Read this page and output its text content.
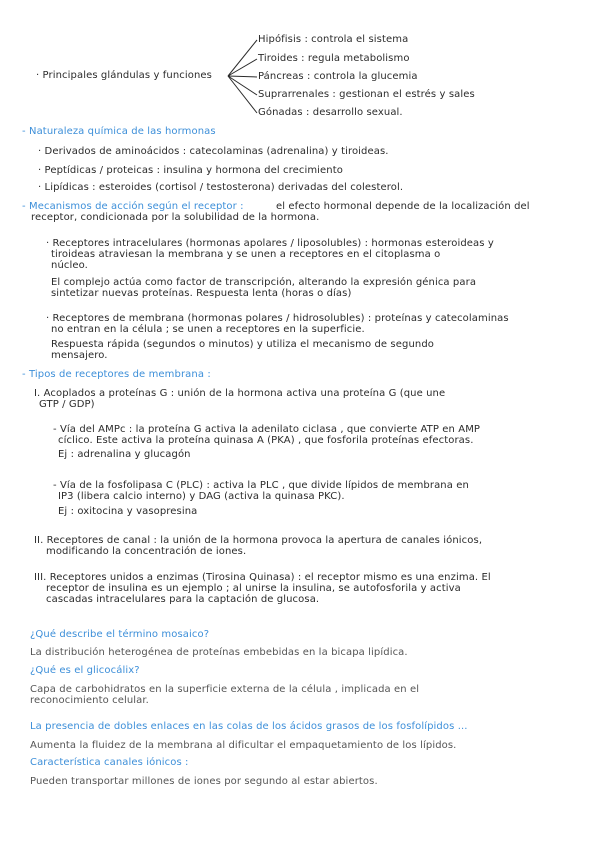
· Principales glándulas y funciones
Hipófisis : controla el sistema
Tiroides : regula metabolismo
Páncreas : controla la glucemia
Suprarrenales : gestionan el estrés y sales
Gónadas : desarrollo sexual.
- Naturaleza química de las hormonas
· Derivados de aminoácidos : catecolaminas (adrenalina) y tiroideas.
· Peptídicas / proteicas : insulina y hormona del crecimiento
· Lipídicas : esteroides (cortisol / testosterona) derivadas del colesterol.
- Mecanismos de acción según el receptor :	el efecto hormonal depende de la localización del
receptor, condicionada por la solubilidad de la hormona.
· Receptores intracelulares (hormonas apolares / liposolubles) : hormonas esteroideas y
tiroideas atraviesan la membrana y se unen a receptores en el citoplasma o
núcleo.
El complejo actúa como factor de transcripción, alterando la expresión génica para
sintetizar nuevas proteínas. Respuesta lenta (horas o días)
· Receptores de membrana (hormonas polares / hidrosolubles) : proteínas y catecolaminas
no entran en la célula ; se unen a receptores en la superficie.
Respuesta rápida (segundos o minutos) y utiliza el mecanismo de segundo
mensajero.
- Tipos de receptores de membrana :
I. Acoplados a proteínas G : unión de la hormona activa una proteína G (que une
GTP / GDP)
- Vía del AMPc : la proteína G activa la adenilato ciclasa , que convierte ATP en AMP
cíclico. Este activa la proteína quinasa A (PKA) , que fosforila proteínas efectoras.
Ej : adrenalina y glucagón
- Vía de la fosfolipasa C (PLC) : activa la PLC , que divide lípidos de membrana en
IP3 (libera calcio interno) y DAG (activa la quinasa PKC).
Ej : oxitocina y vasopresina
II. Receptores de canal : la unión de la hormona provoca la apertura de canales iónicos,
modificando la concentración de iones.
III. Receptores unidos a enzimas (Tirosina Quinasa) : el receptor mismo es una enzima. El
receptor de insulina es un ejemplo ; al unirse la insulina, se autofosforila y activa
cascadas intracelulares para la captación de glucosa.
¿Qué describe el término mosaico?
La distribución heterogénea de proteínas embebidas en la bicapa lipídica.
¿Qué es el glicocálix?
Capa de carbohidratos en la superficie externa de la célula , implicada en el
reconocimiento celular.
La presencia de dobles enlaces en las colas de los ácidos grasos de los fosfolípidos ...
Aumenta la fluidez de la membrana al dificultar el empaquetamiento de los lípidos.
Característica canales iónicos :
Pueden transportar millones de iones por segundo al estar abiertos.
